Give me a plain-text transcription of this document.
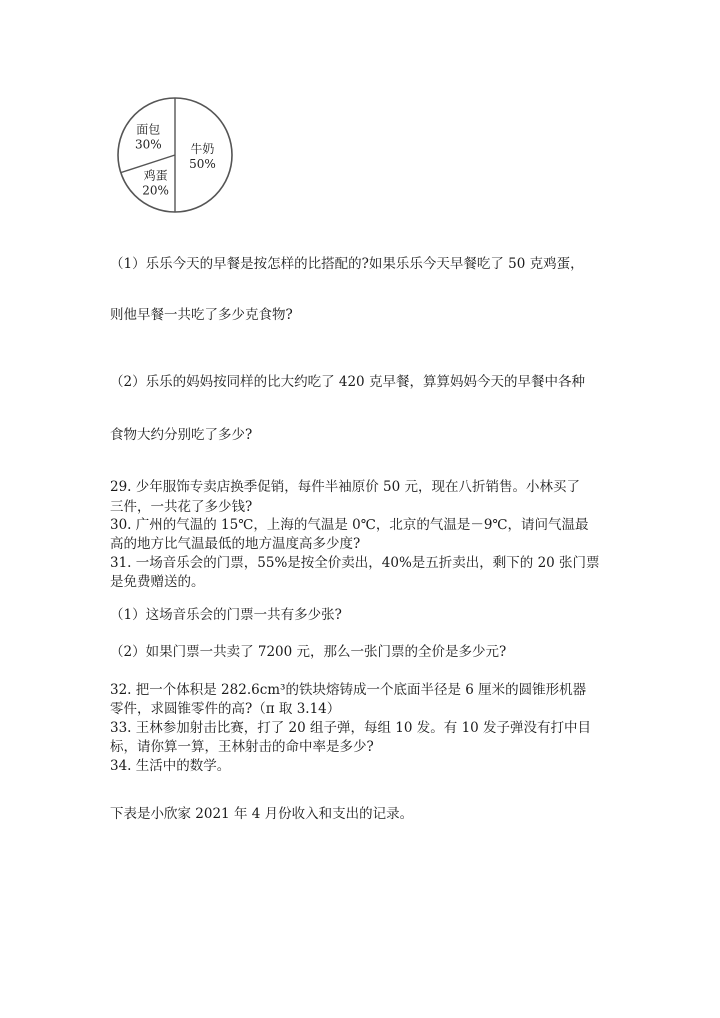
牛奶
50%
鸡蛋
20%
面包
30%
（1）乐乐今天的早餐是按怎样的比搭配的?如果乐乐今天早餐吃了 50 克鸡蛋，
则他早餐一共吃了多少克食物?
（2）乐乐的妈妈按同样的比大约吃了 420 克早餐，算算妈妈今天的早餐中各种
食物大约分别吃了多少?
29. 少年服饰专卖店换季促销，每件半袖原价 50 元，现在八折销售。小林买了
三件，一共花了多少钱?
30. 广州的气温的 15℃，上海的气温是 0℃，北京的气温是－9℃，请问气温最
高的地方比气温最低的地方温度高多少度?
31. 一场音乐会的门票，55%是按全价卖出，40%是五折卖出，剩下的 20 张门票
是免费赠送的。
（1）这场音乐会的门票一共有多少张?
（2）如果门票一共卖了 7200 元，那么一张门票的全价是多少元?
32. 把一个体积是 282.6cm³的铁块熔铸成一个底面半径是 6 厘米的圆锥形机器
零件，求圆锥零件的高?（π 取 3.14）
33. 王林参加射击比赛，打了 20 组子弹，每组 10 发。有 10 发子弹没有打中目
标，请你算一算，王林射击的命中率是多少?
34. 生活中的数学。
下表是小欣家 2021 年 4 月份收入和支出的记录。
